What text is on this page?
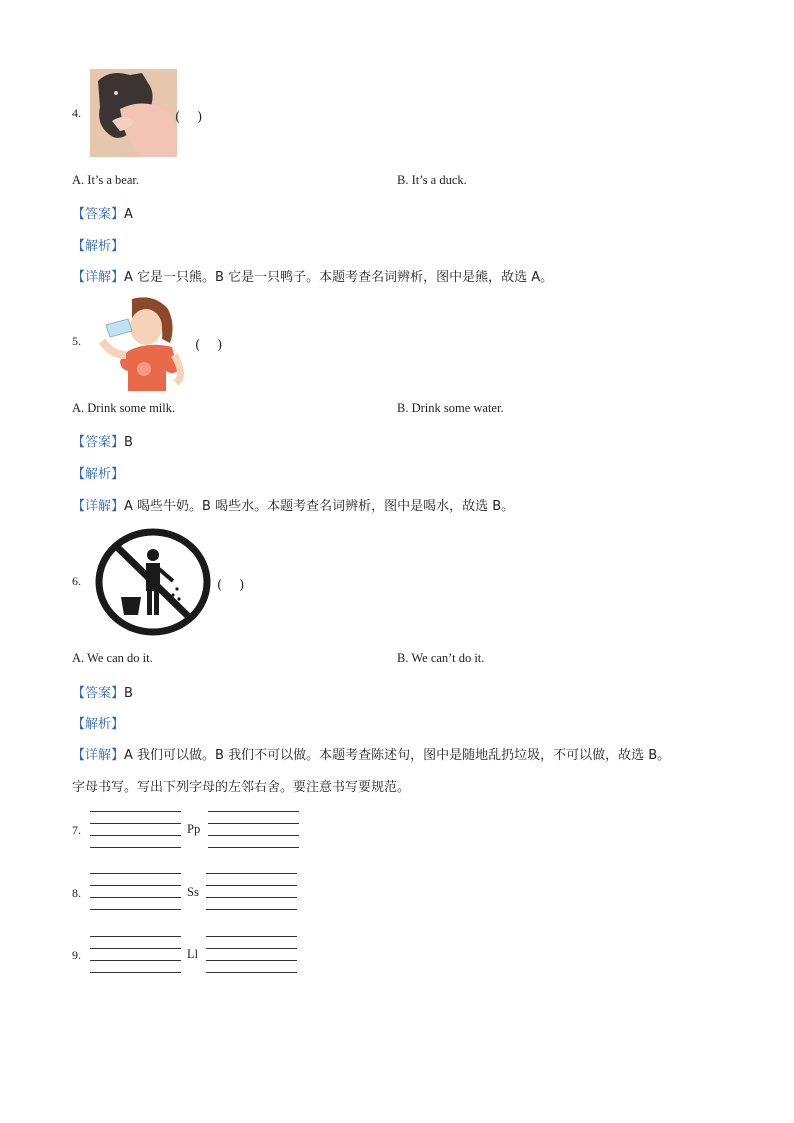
4.	(　 )
A. It’s a bear.	B. It’s a duck.
【答案】A
【解析】
【详解】A 它是一只熊。B 它是一只鸭子。本题考查名词辨析，图中是熊，故选 A。
5.	(　 )
A. Drink some milk.	B. Drink some water.
【答案】B
【解析】
【详解】A 喝些牛奶。B 喝些水。本题考查名词辨析，图中是喝水，故选 B。
6.	(　 )
A. We can do it.	B. We can’t do it.
【答案】B
【解析】
【详解】A 我们可以做。B 我们不可以做。本题考查陈述句，图中是随地乱扔垃圾，不可以做，故选 B。
字母书写。写出下列字母的左邻右舍。要注意书写要规范。
7.	Pp
8.	Ss
9.	Ll
